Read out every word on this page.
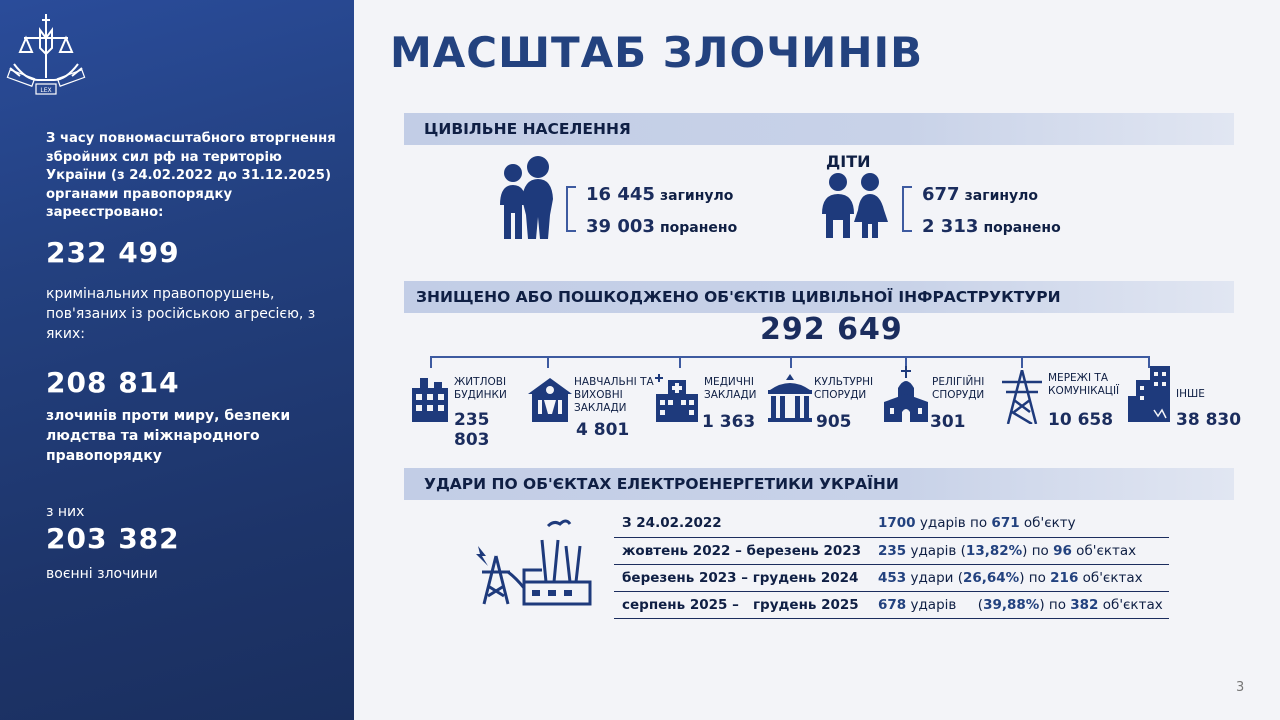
LEX
З часу повномасштабного вторгнення збройних сил рф на територію України (з 24.02.2022 до 31.12.2025) органами правопорядку зареєстровано:
232 499
кримінальних правопорушень, пов'язаних із російською агресією, з яких:
208 814
злочинів проти миру, безпеки людства та міжнародного правопорядку
з них
203 382
воєнні злочини
МАСШТАБ ЗЛОЧИНІВ
ЦИВІЛЬНЕ НАСЕЛЕННЯ
16 445 загинуло
39 003 поранено
ДІТИ
677 загинуло
2 313 поранено
ЗНИЩЕНО АБО ПОШКОДЖЕНО ОБ'ЄКТІВ ЦИВІЛЬНОЇ ІНФРАСТРУКТУРИ
292 649
ЖИТЛОВІ БУДИНКИ
235 803
НАВЧАЛЬНІ ТА ВИХОВНІ ЗАКЛАДИ
4 801
МЕДИЧНІ ЗАКЛАДИ
1 363
КУЛЬТУРНІ СПОРУДИ
905
РЕЛІГІЙНІ СПОРУДИ
301
МЕРЕЖІ ТА КОМУНІКАЦІЇ
10 658
ІНШЕ
38 830
УДАРИ ПО ОБ'ЄКТАХ ЕЛЕКТРОЕНЕРГЕТИКИ УКРАЇНИ
З 24.02.2022	1700 ударів по 671 об'єкту
жовтень 2022 – березень 2023	235 ударів (13,82%) по 96 об'єктах
березень 2023 – грудень 2024	453 удари (26,64%) по 216 об'єктах
серпень 2025 –   грудень 2025	678 ударів     (39,88%) по 382 об'єктах
3
